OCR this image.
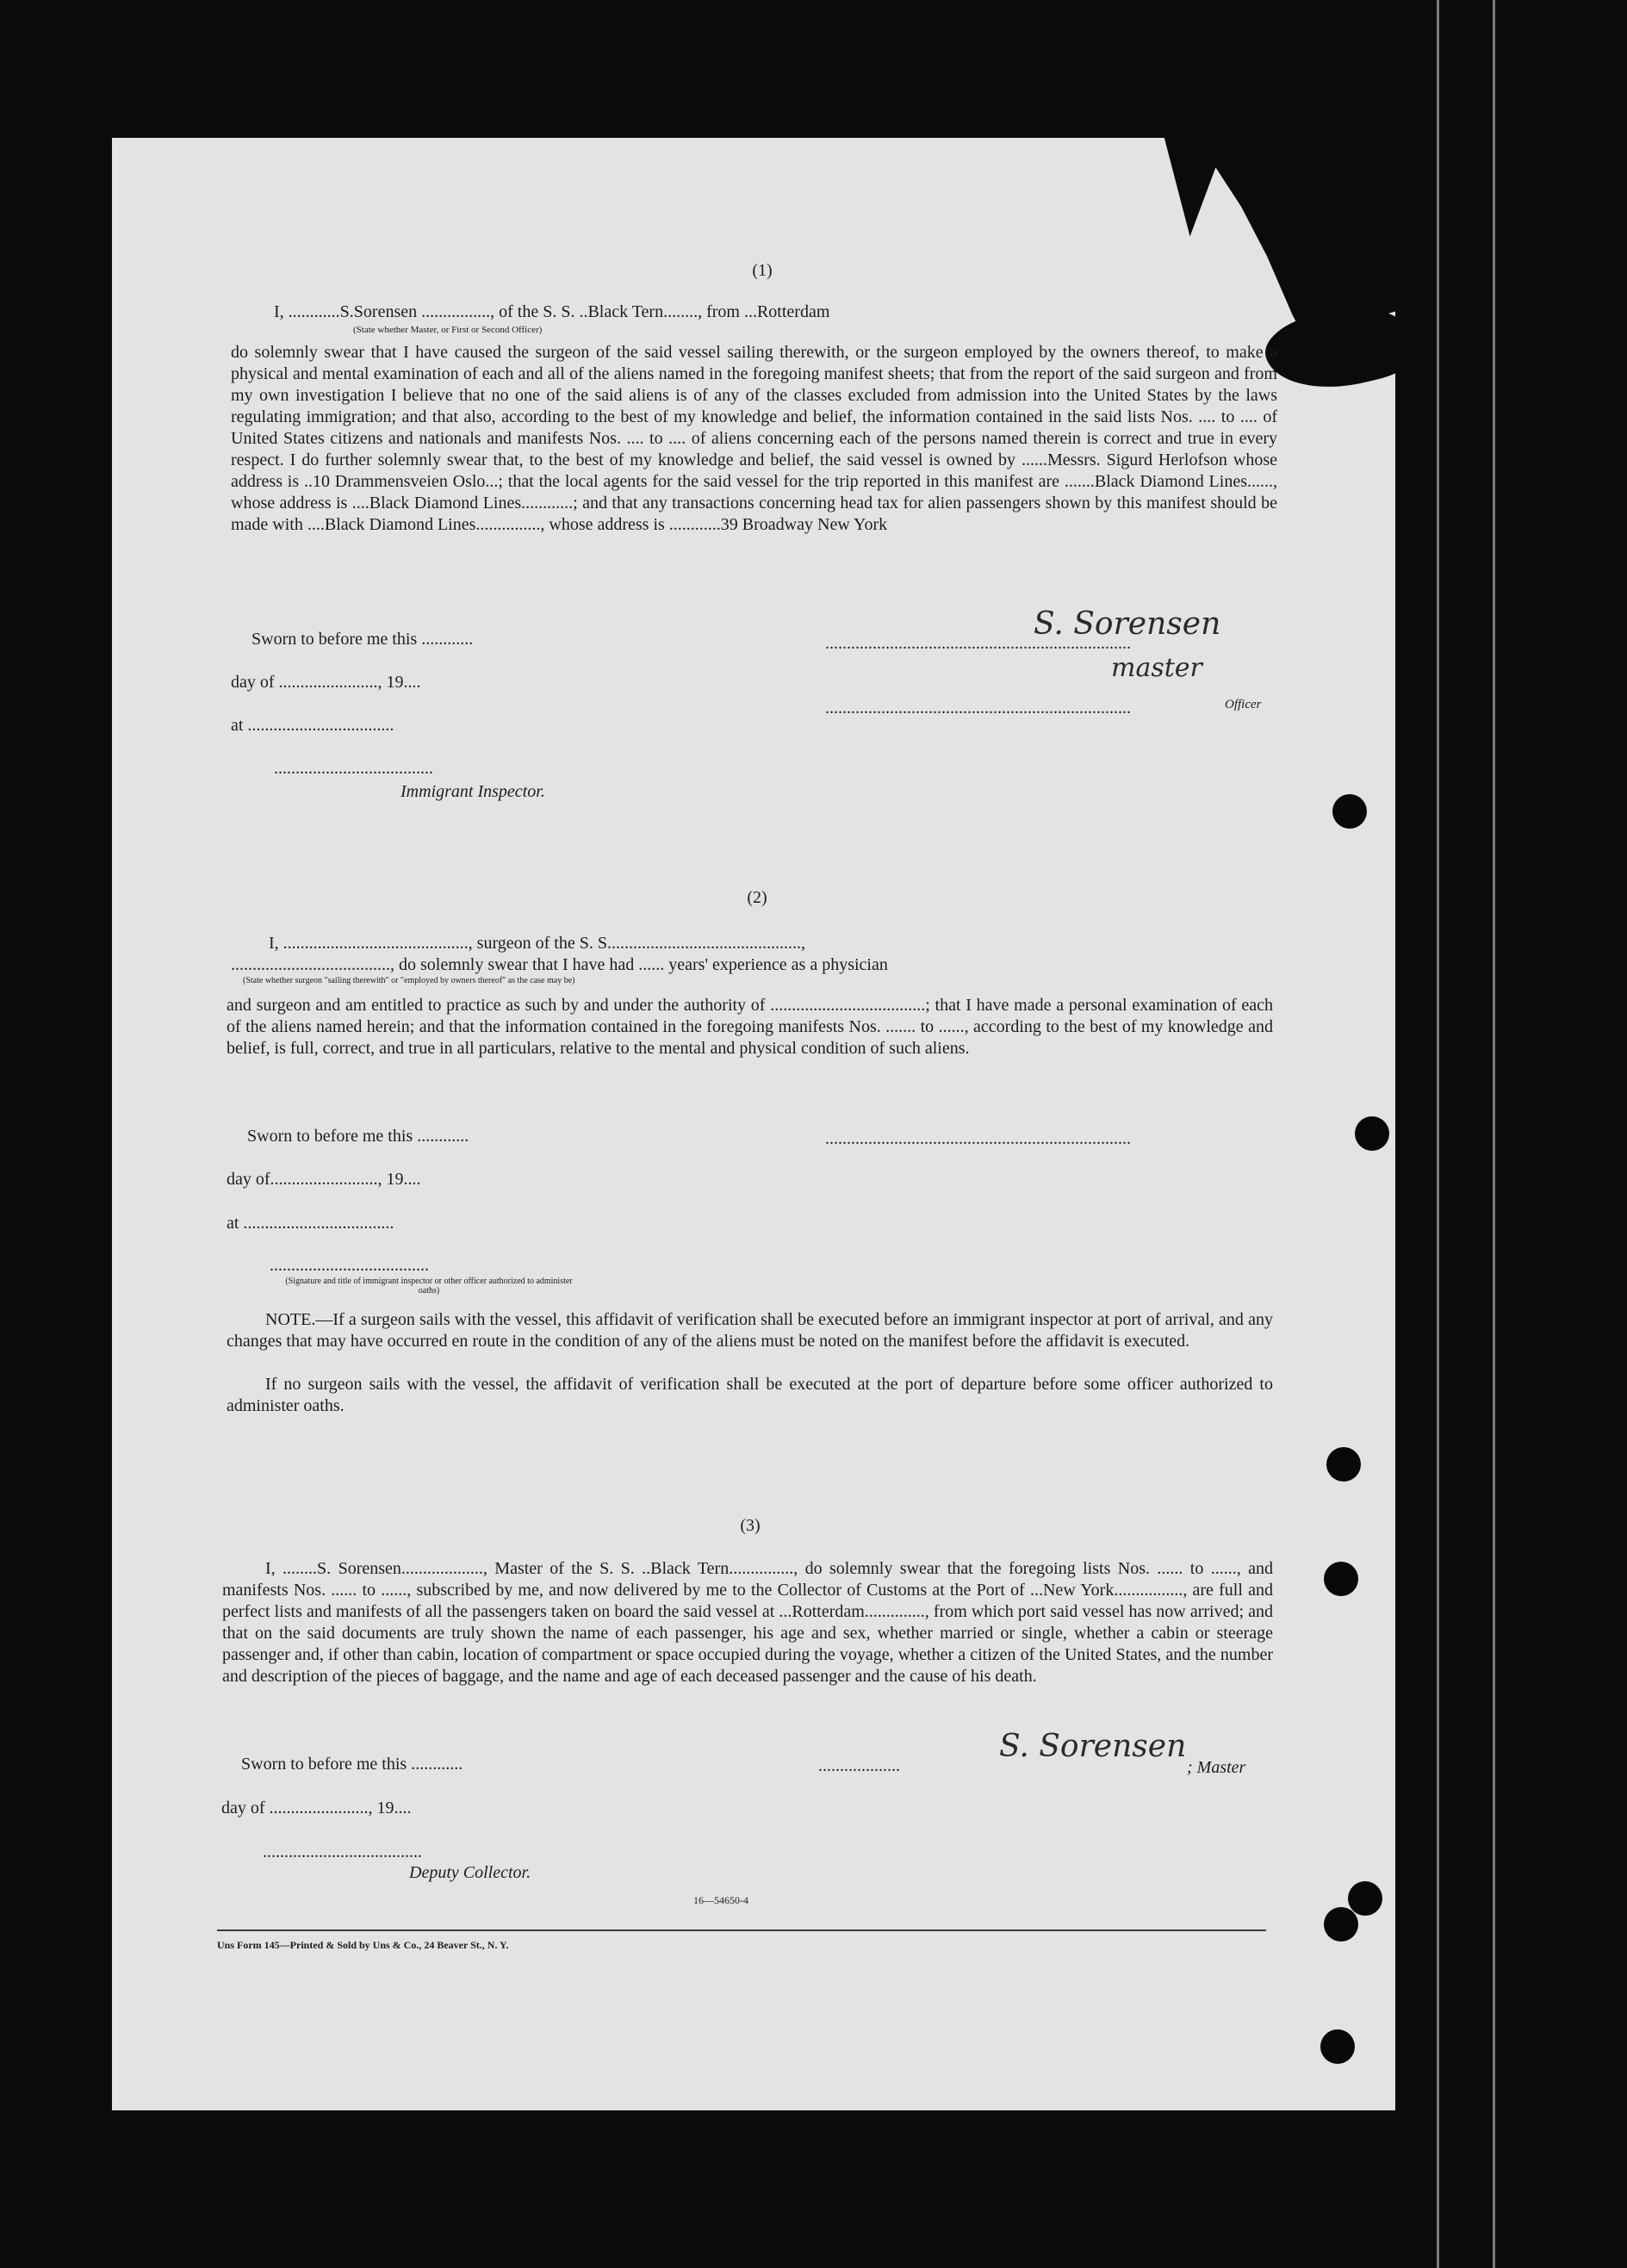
(1)
I, ............S.Sorensen ................, of the S. S. ..Black Tern........, from ...Rotterdam
(State whether Master, or First or Second Officer)
do solemnly swear that I have caused the surgeon of the said vessel sailing therewith, or the surgeon employed by the owners thereof, to make a physical and mental examination of each and all of the aliens named in the foregoing manifest sheets; that from the report of the said surgeon and from my own investigation I believe that no one of the said aliens is of any of the classes excluded from admission into the United States by the laws regulating immigration; and that also, according to the best of my knowledge and belief, the information contained in the said lists Nos. .... to .... of United States citizens and nationals and manifests Nos. .... to .... of aliens concerning each of the persons named therein is correct and true in every respect. I do further solemnly swear that, to the best of my knowledge and belief, the said vessel is owned by ......Messrs. Sigurd Herlofson whose address is ..10 Drammensveien Oslo...; that the local agents for the said vessel for the trip reported in this manifest are .......Black Diamond Lines......, whose address is ....Black Diamond Lines............; and that any transactions concerning head tax for alien passengers shown by this manifest should be made with ....Black Diamond Lines..............., whose address is ............39 Broadway New York
Sworn to before me this ............
day of ......................., 19....
at ..................................
.....................................
Immigrant Inspector.
S. Sorensen
.......................................................................
master
.......................................................................	Officer
(2)
I, ..........................................., surgeon of the S. S.............................................,
....................................., do solemnly swear that I have had ...... years' experience as a physician
(State whether surgeon "sailing therewith" or "employed by owners thereof" as the case may be)
and surgeon and am entitled to practice as such by and under the authority of ....................................; that I have made a personal examination of each of the aliens named herein; and that the information contained in the foregoing manifests Nos. ....... to ......, according to the best of my knowledge and belief, is full, correct, and true in all particulars, relative to the mental and physical condition of such aliens.
Sworn to before me this ............
day of........................., 19....
at ...................................
.....................................
(Signature and title of immigrant inspector or other officer authorized to administer oaths)
.......................................................................
NOTE.—If a surgeon sails with the vessel, this affidavit of verification shall be executed before an immigrant inspector at port of arrival, and any changes that may have occurred en route in the condition of any of the aliens must be noted on the manifest before the affidavit is executed.
If no surgeon sails with the vessel, the affidavit of verification shall be executed at the port of departure before some officer authorized to administer oaths.
(3)
I, ........S. Sorensen..................., Master of the S. S. ..Black Tern..............., do solemnly swear that the foregoing lists Nos. ...... to ......, and manifests Nos. ...... to ......, subscribed by me, and now delivered by me to the Collector of Customs at the Port of ...New York................, are full and perfect lists and manifests of all the passengers taken on board the said vessel at ...Rotterdam.............., from which port said vessel has now arrived; and that on the said documents are truly shown the name of each passenger, his age and sex, whether married or single, whether a cabin or steerage passenger and, if other than cabin, location of compartment or space occupied during the voyage, whether a citizen of the United States, and the number and description of the pieces of baggage, and the name and age of each deceased passenger and the cause of his death.
Sworn to before me this ............
day of ......................., 19....
.....................................
Deputy Collector.
...................
S. Sorensen
; Master
16—54650-4
Uns Form 145—Printed & Sold by Uns & Co., 24 Beaver St., N. Y.
